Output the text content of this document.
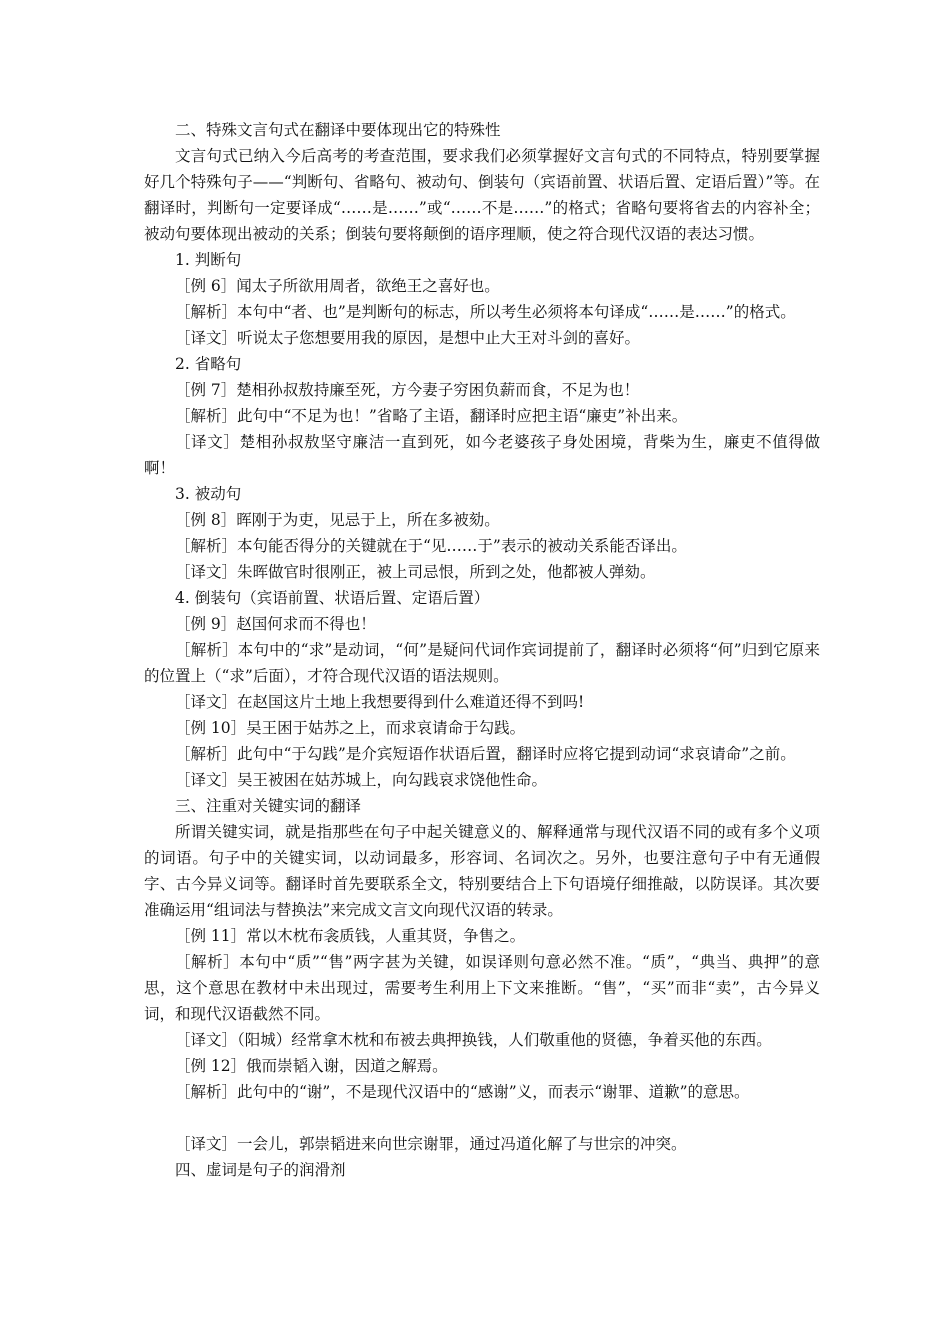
二、特殊文言句式在翻译中要体现出它的特殊性

文言句式已纳入今后高考的考查范围，要求我们必须掌握好文言句式的不同特点，特别要掌握好几个特殊句子——“判断句、省略句、被动句、倒装句（宾语前置、状语后置、定语后置）”等。在翻译时，判断句一定要译成“……是……”或“……不是……”的格式；省略句要将省去的内容补全；被动句要体现出被动的关系；倒装句要将颠倒的语序理顺，使之符合现代汉语的表达习惯。

1. 判断句

［例 6］闻太子所欲用周者，欲绝王之喜好也。

［解析］本句中“者、也”是判断句的标志，所以考生必须将本句译成“……是……”的格式。

［译文］听说太子您想要用我的原因，是想中止大王对斗剑的喜好。

2. 省略句

［例 7］楚相孙叔敖持廉至死，方今妻子穷困负薪而食，不足为也！

［解析］此句中“不足为也！”省略了主语，翻译时应把主语“廉吏”补出来。

［译文］楚相孙叔敖坚守廉洁一直到死，如今老婆孩子身处困境，背柴为生，廉吏不值得做啊！

3. 被动句

［例 8］晖刚于为吏，见忌于上，所在多被劾。

［解析］本句能否得分的关键就在于“见……于”表示的被动关系能否译出。

［译文］朱晖做官时很刚正，被上司忌恨，所到之处，他都被人弹劾。

4. 倒装句（宾语前置、状语后置、定语后置）

［例 9］赵国何求而不得也！

［解析］本句中的“求”是动词，“何”是疑问代词作宾词提前了，翻译时必须将“何”归到它原来的位置上（“求”后面），才符合现代汉语的语法规则。

［译文］在赵国这片土地上我想要得到什么难道还得不到吗!

［例 10］吴王困于姑苏之上，而求哀请命于勾践。

［解析］此句中“于勾践”是介宾短语作状语后置，翻译时应将它提到动词“求哀请命”之前。

［译文］吴王被困在姑苏城上，向勾践哀求饶他性命。

三、注重对关键实词的翻译

所谓关键实词，就是指那些在句子中起关键意义的、解释通常与现代汉语不同的或有多个义项的词语。句子中的关键实词，以动词最多，形容词、名词次之。另外，也要注意句子中有无通假字、古今异义词等。翻译时首先要联系全文，特别要结合上下句语境仔细推敲，以防误译。其次要准确运用“组词法与替换法”来完成文言文向现代汉语的转录。

［例 11］常以木枕布衾质钱，人重其贤，争售之。

［解析］本句中“质”“售”两字甚为关键，如误译则句意必然不准。“质”，“典当、典押”的意思，这个意思在教材中未出现过，需要考生利用上下文来推断。“售”，“买”而非“卖”，古今异义词，和现代汉语截然不同。

［译文］（阳城）经常拿木枕和布被去典押换钱，人们敬重他的贤德，争着买他的东西。

［例 12］俄而崇韬入谢，因道之解焉。

［解析］此句中的“谢”，不是现代汉语中的“感谢”义，而表示“谢罪、道歉”的意思。

［译文］一会儿，郭崇韬进来向世宗谢罪，通过冯道化解了与世宗的冲突。

四、虚词是句子的润滑剂
